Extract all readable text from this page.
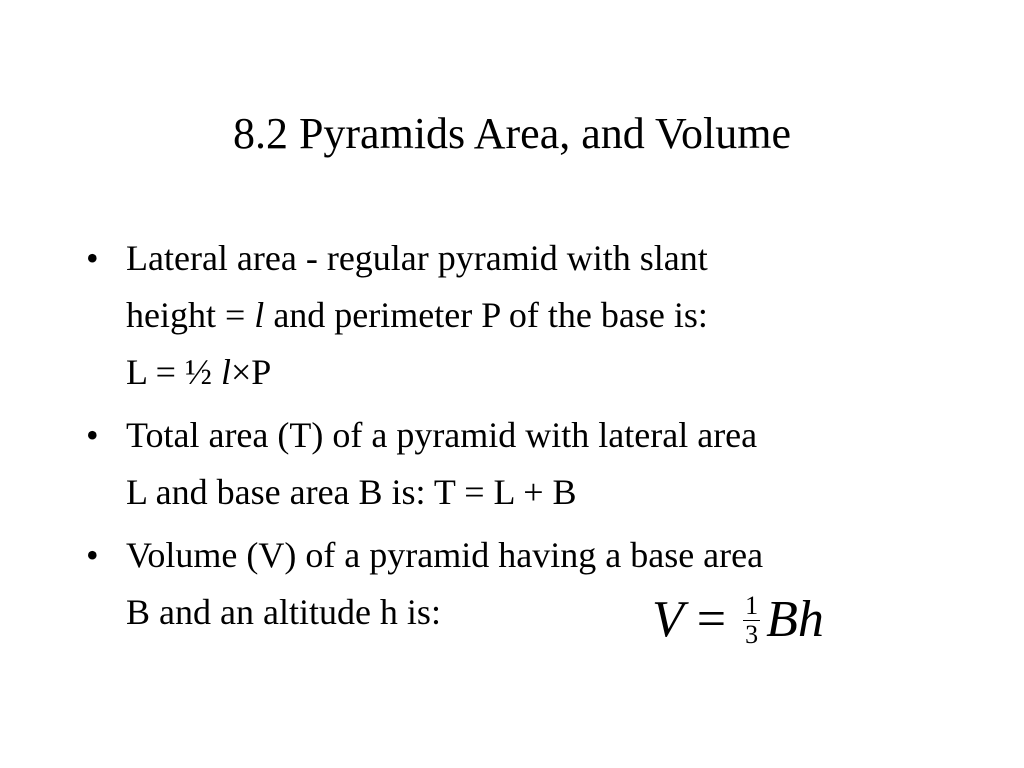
8.2 Pyramids Area, and Volume
• Lateral area - regular pyramid with slant
height = l and perimeter P of the base is:
L = ½ l×P
• Total area (T) of a pyramid with lateral area
L and base area B is: T = L + B
• Volume (V) of a pyramid having a base area
B and an altitude h is:	$V = \frac{1}{3}$ Bh
